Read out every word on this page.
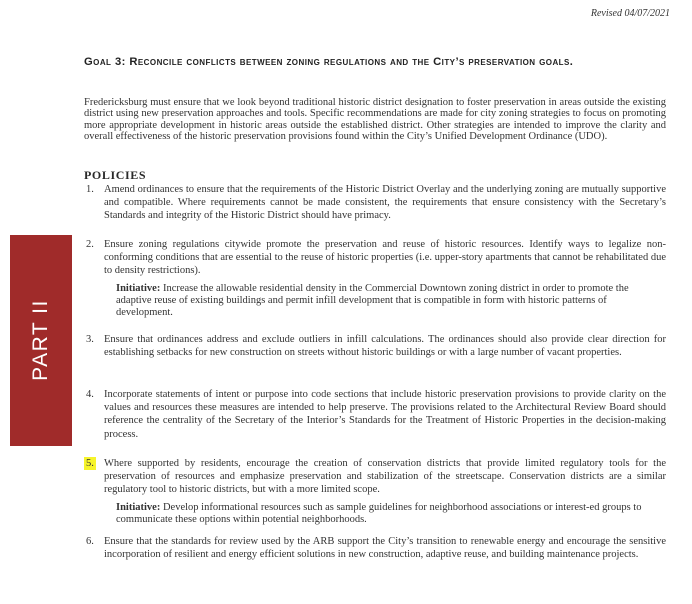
Revised 04/07/2021
PART II
Goal 3: Reconcile conflicts between zoning regulations and the City’s preservation goals.
Fredericksburg must ensure that we look beyond traditional historic district designation to foster preservation in areas outside the existing district using new preservation approaches and tools. Specific recommendations are made for city zoning strategies to focus on promoting more appropriate development in historic areas outside the established district. Other strategies are intended to improve the clarity and overall effectiveness of the historic preservation provisions found within the City’s Unified Development Ordinance (UDO).
POLICIES
1. Amend ordinances to ensure that the requirements of the Historic District Overlay and the underlying zoning are mutually supportive and compatible. Where requirements cannot be made consistent, the requirements that ensure consistency with the Secretary’s Standards and integrity of the Historic District should have primacy.
2. Ensure zoning regulations citywide promote the preservation and reuse of historic resources. Identify ways to legalize non-conforming conditions that are essential to the reuse of historic properties (i.e. upper-story apartments that cannot be rehabilitated due to density restrictions).
Initiative: Increase the allowable residential density in the Commercial Downtown zoning district in order to promote the adaptive reuse of existing buildings and permit infill development that is compatible in form with historic patterns of development.
3. Ensure that ordinances address and exclude outliers in infill calculations. The ordinances should also provide clear direction for establishing setbacks for new construction on streets without historic buildings or with a large number of vacant properties.
4. Incorporate statements of intent or purpose into code sections that include historic preservation provisions to provide clarity on the values and resources these measures are intended to help preserve. The provisions related to the Architectural Review Board should reference the centrality of the Secretary of the Interior’s Standards for the Treatment of Historic Properties in the decision-making process.
5. Where supported by residents, encourage the creation of conservation districts that provide limited regulatory tools for the preservation of resources and emphasize preservation and stabilization of the streetscape. Conservation districts are a similar regulatory tool to historic districts, but with a more limited scope.
Initiative: Develop informational resources such as sample guidelines for neighborhood associations or interest-ed groups to communicate these options within potential neighborhoods.
6. Ensure that the standards for review used by the ARB support the City’s transition to renewable energy and encourage the sensitive incorporation of resilient and energy efficient solutions in new construction, adaptive reuse, and building maintenance projects.
